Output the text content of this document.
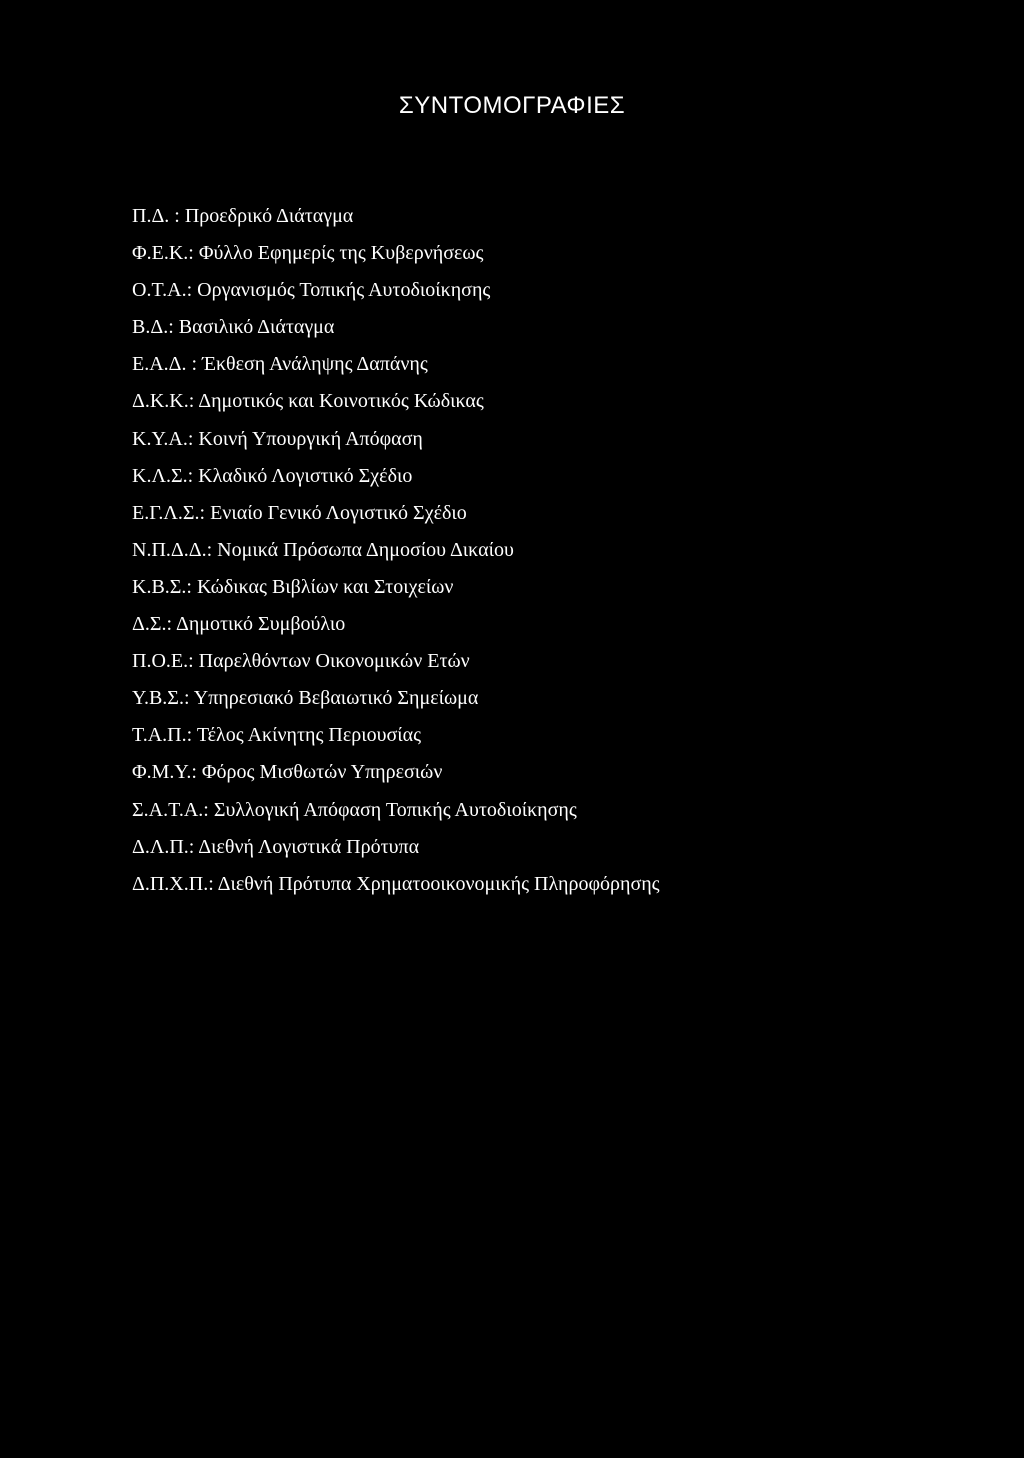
ΣΥΝΤΟΜΟΓΡΑΦΙΕΣ
Π.Δ. : Προεδρικό Διάταγμα
Φ.Ε.Κ.: Φύλλο Εφημερίς της Κυβερνήσεως
Ο.Τ.Α.: Οργανισμός Τοπικής Αυτοδιοίκησης
Β.Δ.: Βασιλικό Διάταγμα
Ε.Α.Δ. : Έκθεση Ανάληψης Δαπάνης
Δ.Κ.Κ.: Δημοτικός και Κοινοτικός Κώδικας
Κ.Υ.Α.: Κοινή Υπουργική Απόφαση
Κ.Λ.Σ.: Κλαδικό Λογιστικό Σχέδιο
Ε.Γ.Λ.Σ.: Ενιαίο Γενικό Λογιστικό Σχέδιο
Ν.Π.Δ.Δ.: Νομικά Πρόσωπα Δημοσίου Δικαίου
Κ.Β.Σ.: Κώδικας Βιβλίων και Στοιχείων
Δ.Σ.: Δημοτικό Συμβούλιο
Π.Ο.Ε.: Παρελθόντων Οικονομικών Ετών
Υ.Β.Σ.: Υπηρεσιακό Βεβαιωτικό Σημείωμα
Τ.Α.Π.: Τέλος Ακίνητης Περιουσίας
Φ.Μ.Υ.: Φόρος Μισθωτών Υπηρεσιών
Σ.Α.Τ.Α.: Συλλογική Απόφαση Τοπικής Αυτοδιοίκησης
Δ.Λ.Π.: Διεθνή Λογιστικά Πρότυπα
Δ.Π.Χ.Π.: Διεθνή Πρότυπα Χρηματοοικονομικής Πληροφόρησης
